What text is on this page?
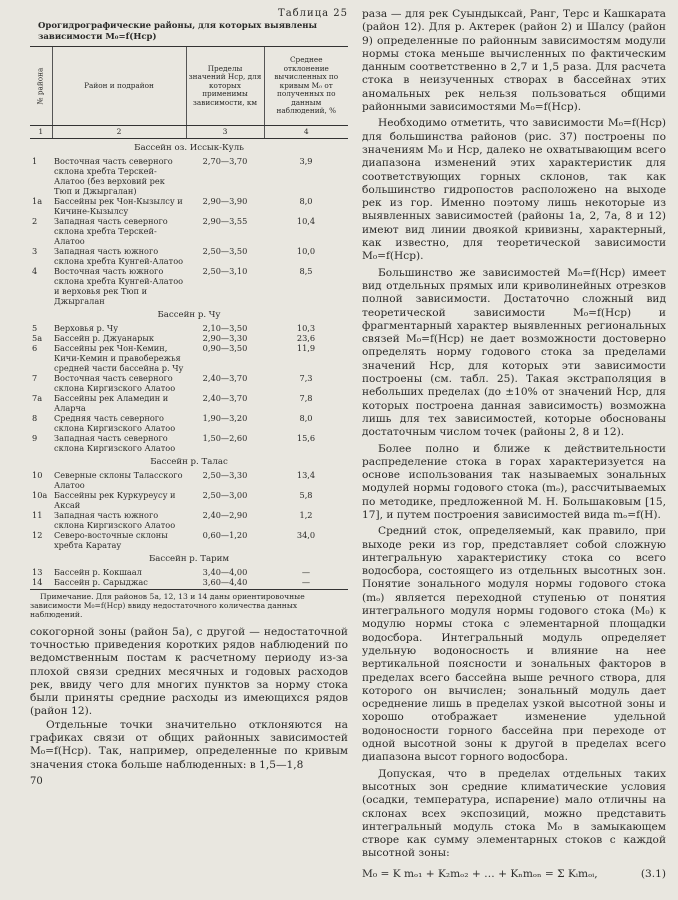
Таблица 25
Орогидрографические районы, для которых выявлены зависимости M₀=f(Hср)
№ района	Район и подрайон	Пределы значений Hср, для которых применимы зависимости, км	Среднее отклонение вычисленных по кривым M₀ от полученных по данным наблюдений, %
1	2	3	4
Бассейн оз. Иссык-Куль			
1	Восточная часть северного склона хребта Терскей-Алатоо (без верховий рек Тюп и Джыргалан)	2,70—3,70	3,9
1а	Бассейны рек Чон-Кызылсу и Кичине-Кызылсу	2,90—3,90	8,0
2	Западная часть северного склона хребта Терскей-Алатоо	2,90—3,55	10,4
3	Западная часть южного склона хребта Кунгей-Алатоо	2,50—3,50	10,0
4	Восточная часть южного склона хребта Кунгей-Алатоо и верховья рек Тюп и Джыргалан	2,50—3,10	8,5
Бассейн р. Чу			
5	Верховья р. Чу	2,10—3,50	10,3
5а	Бассейн р. Джуанарык	2,90—3,30	23,6
6	Бассейны рек Чон-Кемин, Кичи-Кемин и правобережья средней части бассейна р. Чу	0,90—3,50	11,9
7	Восточная часть северного склона Киргизского Алатоо	2,40—3,70	7,3
7а	Бассейны рек Аламедин и Аларча	2,40—3,70	7,8
8	Средняя часть северного склона Киргизского Алатоо	1,90—3,20	8,0
9	Западная часть северного склона Киргизского Алатоо	1,50—2,60	15,6
Бассейн р. Талас			
10	Северные склоны Таласского Алатоо	2,50—3,30	13,4
10а	Бассейны рек Куркуреусу и Аксай	2,50—3,00	5,8
11	Западная часть южного склона Киргизского Алатоо	2,40—2,90	1,2
12	Северо-восточные склоны хребта Каратау	0,60—1,20	34,0
Бассейн р. Тарим			
13	Бассейн р. Кокшаал	3,40—4,00	—
14	Бассейн р. Сарыджас	3,60—4,40	—
Примечание. Для районов 5а, 12, 13 и 14 даны ориентировочные зависимости M₀=f(Hср) ввиду недостаточного количества данных наблюдений.

сокогорной зоны (район 5а), с другой — недостаточной точностью приведения коротких рядов наблюдений по ведомственным постам к расчетному периоду из-за плохой связи средних месячных и годовых расходов рек, ввиду чего для многих пунктов за норму стока были приняты средние расходы из имеющихся рядов (район 12).

Отдельные точки значительно отклоняются на графиках связи от общих районных зависимостей M₀=f(Hср). Так, например, определенные по кривым значения стока больше наблюденных: в 1,5—1,8

70

раза — для рек Суындыксай, Ранг, Терс и Кашкарата (район 12). Для р. Актерек (район 2) и Шалсу (район 9) определенные по районным зависимостям модули нормы стока меньше вычисленных по фактическим данным соответственно в 2,7 и 1,5 раза. Для расчета стока в неизученных створах в бассейнах этих аномальных рек нельзя пользоваться общими районными зависимостями M₀=f(Hср).

Необходимо отметить, что зависимости M₀=f(Hср) для большинства районов (рис. 37) построены по значениям M₀ и Hср, далеко не охватывающим всего диапазона изменений этих характеристик для соответствующих горных склонов, так как большинство гидропостов расположено на выходе рек из гор. Именно поэтому лишь некоторые из выявленных зависимостей (районы 1а, 2, 7а, 8 и 12) имеют вид линии двоякой кривизны, характерный, как известно, для теоретической зависимости M₀=f(Hср).

Большинство же зависимостей M₀=f(Hср) имеет вид отдельных прямых или криволинейных отрезков полной зависимости. Достаточно сложный вид теоретической зависимости M₀=f(Hср) и фрагментарный характер выявленных региональных связей M₀=f(Hср) не дает возможности достоверно определять норму годового стока за пределами значений Hср, для которых эти зависимости построены (см. табл. 25). Такая экстраполяция в небольших пределах (до ±10% от значений Hср, для которых построена данная зависимость) возможна лишь для тех зависимостей, которые обоснованы достаточным числом точек (районы 2, 8 и 12).

Более полно и ближе к действительности распределение стока в горах характеризуется на основе использования так называемых зональных модулей нормы годового стока (mₒ), рассчитываемых по методике, предложенной М. Н. Большаковым [15, 17], и путем построения зависимостей вида mₒ=f(H).

Средний сток, определяемый, как правило, при выходе реки из гор, представляет собой сложную интегральную характеристику стока со всего водосбора, состоящего из отдельных высотных зон. Понятие зонального модуля нормы годового стока (mₒ) является переходной ступенью от понятия интегрального модуля нормы годового стока (M₀) к модулю нормы стока с элементарной площадки водосбора. Интегральный модуль определяет удельную водоносность и влияние на нее вертикальной поясности и зональных факторов в пределах всего бассейна выше речного створа, для которого он вычислен; зональный модуль дает осреднение лишь в пределах узкой высотной зоны и хорошо отображает изменение удельной водоносности горного бассейна при переходе от одной высотной зоны к другой в пределах всего диапазона высот горного водосбора.

Допуская, что в пределах отдельных таких высотных зон средние климатические условия (осадки, температура, испарение) мало отличны на склонах всех экспозиций, можно представить интегральный модуль стока M₀ в замыкающем створе как сумму элементарных стоков с каждой высотной зоны:

M₀ = K mₒ₁ + K₂mₒ₂ + … + Kₙmₒₙ = Σ Kᵢmₒᵢ,	(3.1)
